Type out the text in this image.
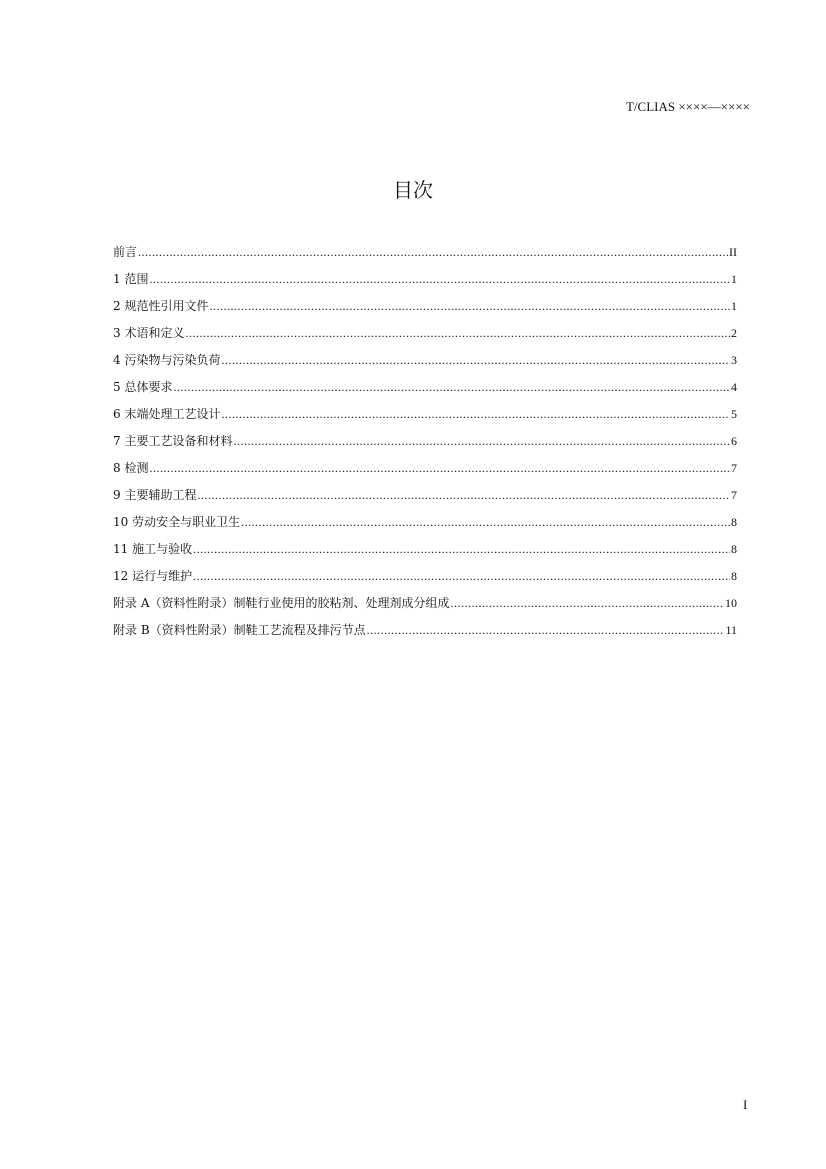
T/CLIAS ××××—××××
目次
前言 .....	II
1 范围 .....	1
2 规范性引用文件 .....	1
3 术语和定义 .....	2
4 污染物与污染负荷 .....	3
5 总体要求 .....	4
6 末端处理工艺设计 .....	5
7 主要工艺设备和材料 .....	6
8 检测 .....	7
9 主要辅助工程 .....	7
10 劳动安全与职业卫生 .....	8
11 施工与验收 .....	8
12 运行与维护 .....	8
附录 A（资料性附录）制鞋行业使用的胶粘剂、处理剂成分组成 .....	10
附录 B（资料性附录）制鞋工艺流程及排污节点 .....	11
I
